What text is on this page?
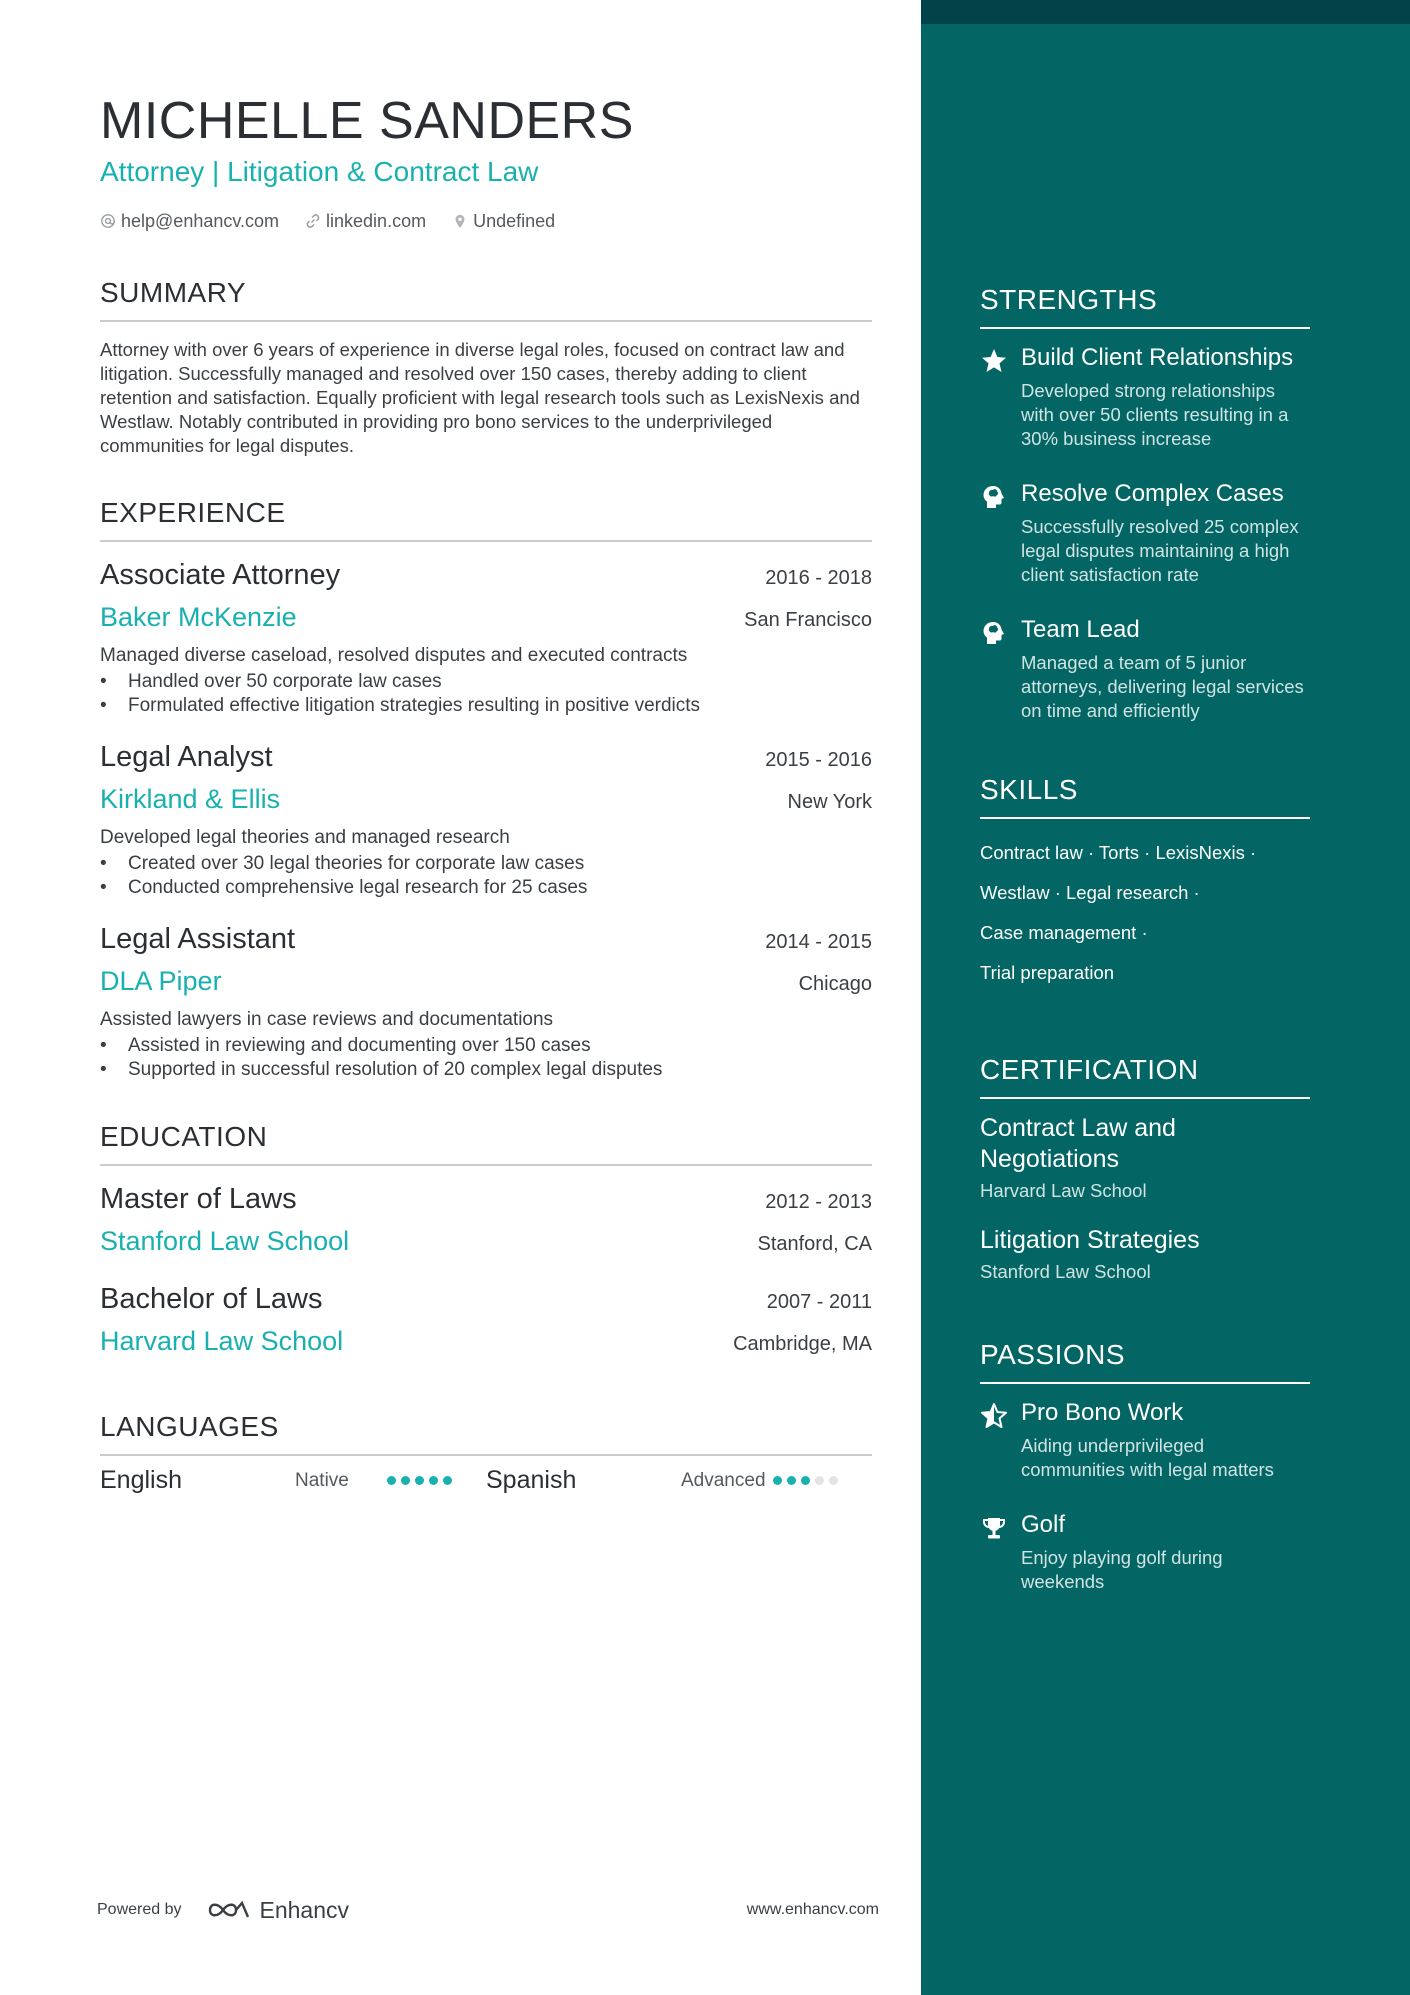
MICHELLE SANDERS
Attorney | Litigation & Contract Law
help@enhancv.com	linkedin.com	Undefined
SUMMARY
Attorney with over 6 years of experience in diverse legal roles, focused on contract law and litigation. Successfully managed and resolved over 150 cases, thereby adding to client retention and satisfaction. Equally proficient with legal research tools such as LexisNexis and Westlaw. Notably contributed in providing pro bono services to the underprivileged communities for legal disputes.
EXPERIENCE
Associate Attorney	2016 - 2018
Baker McKenzie	San Francisco
Managed diverse caseload, resolved disputes and executed contracts
• Handled over 50 corporate law cases
• Formulated effective litigation strategies resulting in positive verdicts
Legal Analyst	2015 - 2016
Kirkland & Ellis	New York
Developed legal theories and managed research
• Created over 30 legal theories for corporate law cases
• Conducted comprehensive legal research for 25 cases
Legal Assistant	2014 - 2015
DLA Piper	Chicago
Assisted lawyers in case reviews and documentations
• Assisted in reviewing and documenting over 150 cases
• Supported in successful resolution of 20 complex legal disputes
EDUCATION
Master of Laws	2012 - 2013
Stanford Law School	Stanford, CA
Bachelor of Laws	2007 - 2011
Harvard Law School	Cambridge, MA
LANGUAGES
English	Native	Spanish	Advanced
STRENGTHS
Build Client Relationships
Developed strong relationships with over 50 clients resulting in a 30% business increase
Resolve Complex Cases
Successfully resolved 25 complex legal disputes maintaining a high client satisfaction rate
Team Lead
Managed a team of 5 junior attorneys, delivering legal services on time and efficiently
SKILLS
Contract law · Torts · LexisNexis ·
Westlaw · Legal research ·
Case management ·
Trial preparation
CERTIFICATION
Contract Law and Negotiations
Harvard Law School
Litigation Strategies
Stanford Law School
PASSIONS
Pro Bono Work
Aiding underprivileged communities with legal matters
Golf
Enjoy playing golf during weekends
Powered by	Enhancv	www.enhancv.com
